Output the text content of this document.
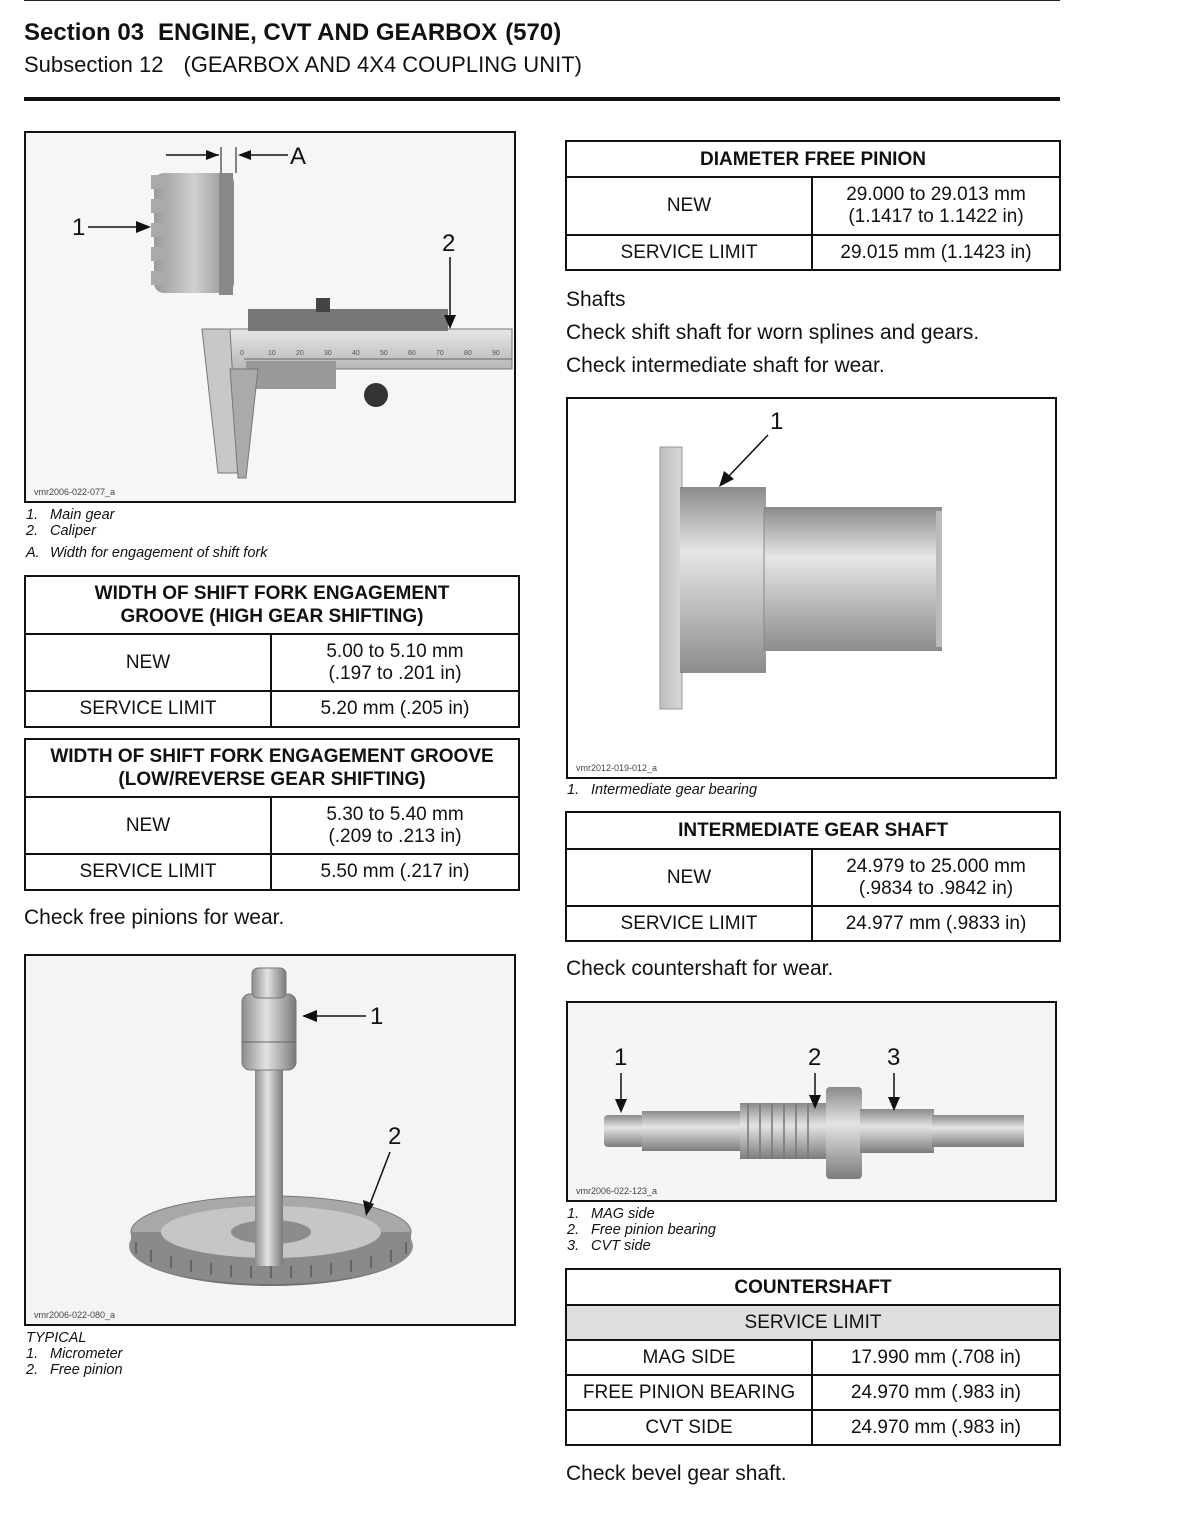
Section 03 ENGINE, CVT AND GEARBOX (570)
Subsection 12 (GEARBOX AND 4X4 COUPLING UNIT)
0	10	20	30	40	50	60	70	80	90
A
1
2
vmr2006-022-077_a
1. Main gear
2. Caliper
A. Width for engagement of shift fork
WIDTH OF SHIFT FORK ENGAGEMENT
GROOVE (HIGH GEAR SHIFTING)	
NEW	5.00 to 5.10 mm
(.197 to .201 in)
SERVICE LIMIT	5.20 mm (.205 in)
WIDTH OF SHIFT FORK ENGAGEMENT GROOVE
(LOW/REVERSE GEAR SHIFTING)	
NEW	5.30 to 5.40 mm
(.209 to .213 in)
SERVICE LIMIT	5.50 mm (.217 in)
Check free pinions for wear.
1
2
vmr2006-022-080_a
TYPICAL
1. Micrometer
2. Free pinion
DIAMETER FREE PINION	
NEW	29.000 to 29.013 mm
(1.1417 to 1.1422 in)
SERVICE LIMIT	29.015 mm (1.1423 in)
Shafts
Check shift shaft for worn splines and gears.
Check intermediate shaft for wear.
1
vmr2012-019-012_a
1. Intermediate gear bearing
INTERMEDIATE GEAR SHAFT	
NEW	24.979 to 25.000 mm
(.9834 to .9842 in)
SERVICE LIMIT	24.977 mm (.9833 in)
Check countershaft for wear.
1	2	3
vmr2006-022-123_a
1. MAG side
2. Free pinion bearing
3. CVT side
COUNTERSHAFT	
SERVICE LIMIT	
MAG SIDE	17.990 mm (.708 in)
FREE PINION BEARING	24.970 mm (.983 in)
CVT SIDE	24.970 mm (.983 in)
Check bevel gear shaft.
